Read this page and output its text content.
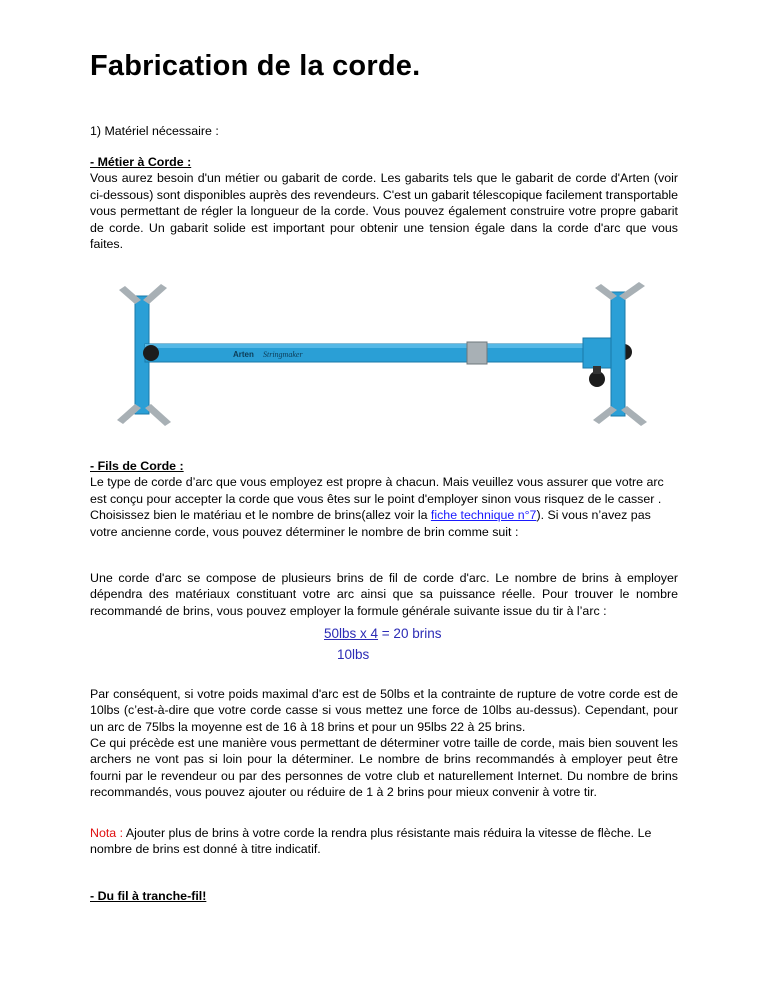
Fabrication de la corde.

1) Matériel nécessaire :

- Métier à Corde :

Vous aurez besoin d'un métier ou gabarit de corde. Les gabarits tels que le gabarit de corde d'Arten (voir ci-dessous) sont disponibles auprès des revendeurs. C'est un gabarit télescopique facilement transportable vous permettant de régler la longueur de la corde. Vous pouvez également construire votre propre gabarit de corde. Un gabarit solide est important pour obtenir une tension égale dans la corde d'arc que vous faites.

- Fils de Corde :

Le type de corde d’arc que vous employez est propre à chacun. Mais veuillez vous assurer que votre arc est conçu pour accepter la corde que vous êtes sur le point d'employer sinon vous risquez de le casser . Choisissez bien le matériau et le nombre de brins(allez voir la fiche technique n°7). Si vous n’avez pas votre ancienne corde, vous pouvez déterminer le nombre de brin comme suit :

Une corde d'arc se compose de plusieurs brins de fil de corde d'arc. Le nombre de brins à employer dépendra des matériaux constituant votre arc ainsi que sa puissance réelle. Pour trouver le nombre recommandé de brins, vous pouvez employer la formule générale suivante issue du tir à l’arc :

50lbs x 4 = 20 brins
10lbs

Par conséquent, si votre poids maximal d'arc est de 50lbs et la contrainte de rupture de votre corde est de 10lbs (c’est-à-dire que votre corde casse si vous mettez une force de 10lbs au-dessus). Cependant, pour un arc de 75lbs la moyenne est de 16 à 18 brins et pour un 95lbs 22 à 25 brins.

Ce qui précède est une manière vous permettant de déterminer votre taille de corde, mais bien souvent les archers ne vont pas si loin pour la déterminer. Le nombre de brins recommandés à employer peut être fourni par le revendeur ou par des personnes de votre club et naturellement Internet. Du nombre de brins recommandés, vous pouvez ajouter ou réduire de 1 à 2 brins pour mieux convenir à votre tir.

Nota : Ajouter plus de brins à votre corde la rendra plus résistante mais réduira la vitesse de flèche. Le nombre de brins est donné à titre indicatif.

- Du fil à tranche-fil!
Arten Stringmaker
